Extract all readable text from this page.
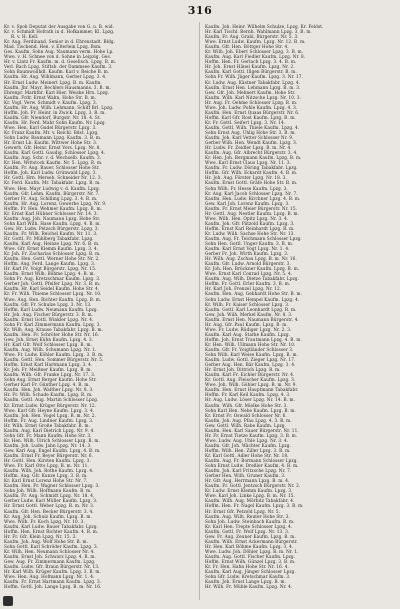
316
Kr. v. Spoh Deputat der Ausgabe von G. u. B. wid.
Kr. v. Schmidt Hofrath in d. Hofkammer, Kl. Lpzg.
R. v. H. Kell.
Kr. Aug. Ferdinand, Senior in d. Ehrenstadt. Bldg.
Mad. Tischend. Hen. v. Elterlein Lpzg. Bsm.
Ges. Kaufm. Sohn Aug. Naumann verm. Hohe Lp.
Wwe. v. H. Schnee von d. Sohne in Leipzig. Ges.
Hr. v. Lintz Fr. Kaufm. m. d. Gesellsch. Lpzg. B. m.
Verl. Bach Lpzg. Stiftsb. der Dammsee Kaufm. 3.
Sohn Baumwollhdl. Kaufm. Karl v. Reiche B. m.
Kaufm. Hr. Aug. Wihlmann, Gerber Lpzg. 3. 4.
Hr. Ernst Ludw. Meinert Lpzg. B. m. Kaufm.
Kaufm. Jhr. Mayr, Bechlers Hausmanns. 3. B. m.
Ehrenpr. Marktbr. Karl Hier. Weiske Hrn. Lpzg.
Kaufm. Frdr. Ernst Wahn, Hohe Str. B. m.
Kr. Vogl. Verw. Schmidt v. Kaufm. Lpzg. 3.
Kaufm. Hr. Aug. Wilh. Lehmann, Schiff Brl. Lpzg.
Hoffm. Joh. Fr. Heinr. in Zwick. Lpzg. 3. B. m.
Kaufm. Gfr. Niendorf, Burgstr. Nr. 18. 4. St.
Kaufm. Hr. Ferd. Mahr Sohn Kaufm. Nr. Lpzg.
Wwe. Hen. Karl Gudel Bürgerstr. Lpzg. 3.
Kr. Franz Kaufm. Mr. v. Reichl. Bdst. Lpzg.
Sohn Ludw. Baumann Lpzg. Kaufm. 3. B. m.
Hr. Ernst Lb. Kaufm. Wittwer Hohe Str. 3.
Gewerb. Gfr. Heinr. Ernst Vors. Lpzg. Nr. 8.
Kaufm. Karl Gottl. Gaudig, Schlosser Lpzg. 4.
Kaufm. Aug. Schr. v. d. Wechselb. Kaufm. 3.
Kr. Hen. Wittstock Kaufm. Nr. 5. Lpzg. B. m.
Kaufm. Fr. Aug. Bauer, Schlosser Hohe Str.
Hoffm. Joh. Karl Ludw. Grünwald Lpzg. 3.
Hr. Gottl. Hrn. Merseb. Schneider Nr. 12. 3.
Kr. Ferd. Kaufm. Mr. Tabakfabr. Lpzg. B. m.
Wwe. Hen. Mayr Ludwig v. d. Kaufm. Lpzg.
Kaufm. Gfr. Lehm. Kaufm. Bürgerstr. Nr. 7.
Gerber Fr. Aug. Schilling Lpzg. 3. 4. B. m.
Kaufm. Hr. Aug. Lorenz, Gewerbe Lpzg. Nr. 9.
Hoffm. Fr. Hen. Wehmer Kaufm. Lpzg. B. m.
Kr. Ernst Karl Hübner Schlosser Nr. 14. 3.
Kaufm. Aug. Joh. Naumann Lpzg. Hohe Str.
Sohn Karl Wilh. Hase Kaufm. Lpzg. 4. B. m.
Gew. Hr. Ludw. Petzsch Bürgerstr. Lpzg. 3.
Kaufm. Fr. Wilh. Reichel Kaufm. Nr. 11. 3.
Hr. Gottl. Fr. Mühlberg Tabakfabr. Lpzg.
Kaufm. Karl Aug. Heinze Lpzg. Nr. 6. B. m.
Wwe. Gfr. Ernst Klemm Kaufm. Lpzg. 3. 4.
Kr. Joh. Fr. Zacharias Schlosser Lpzg. B. m.
Kaufm. Hen. Gottl. Werner Hohe Str. Nr. 2.
Hoffm. Aug. Ferd. Lange Kaufm. Lpzg. 3.
Hr. Karl Fr. Voigt Bürgerstr. Lpzg. Nr. 15.
Kaufm. Ernst Wilh. Böhme Lpzg. 4. B. m.
Sohn Fr. Aug. Kretzschmar Kaufm. Lpzg. 3.
Gerber Joh. Gottl. Pfeifer Lpzg. Nr. 3. B. m.
Kaufm. Hr. Karl Seidel Kaufm. Hohe Str. 4.
Kr. Fr. Wilh. Thieme Schlosser Lpzg. Nr. 10.
Wwe. Aug. Hen. Richter Kaufm. Lpzg. B. m.
Kaufm. Gfr. Fr. Schulze Lpzg. 3. Nr. 13.
Hoffm. Karl Ludw. Neumann Kaufm. Lpzg.
Hr. Joh. Aug. Fischer Bürgerstr. 3. B. m.
Kaufm. Ernst Gottl. Winkler Lpzg. Nr. 4.
Sohn Fr. Karl Zimmermann Kaufm. Lpzg. 3.
Kr. Wilh. Aug. Krause Tabakfabr. Lpzg. B. m.
Kaufm. Hen. Fr. Schröter Hohe Str. Nr. 16.
Gew. Joh. Ernst Kühn Kaufm. Lpzg. 4. 3.
Hr. Karl Gfr. Wolf Schlosser Lpzg. B. m.
Kaufm. Aug. Wilh. Schumann Lpzg. Nr. 1.
Wwe. Fr. Ludw. Köhler Kaufm. Lpzg. 3. B. m.
Kaufm. Gottl. Hen. Sommer Bürgerstr. Nr. 5.
Hoffm. Ernst Karl Hartmann Lpzg. 3. 4.
Kr. Joh. Fr. Meißner Kaufm. Lpzg. B. m.
Kaufm. Wilh. Gfr. Franke Lpzg. Nr. 17. 3.
Sohn Aug. Ernst Berger Kaufm. Hohe Str.
Gerber Karl Fr. Günther Lpzg. 4. B. m.
Kaufm. Hen. Joh. Walther Lpzg. Nr. 8. 3.
Hr. Fr. Wilh. Schade Kaufm. Lpzg. B. m.
Kaufm. Gottl. Aug. Martin Schlosser Lpzg.
Kr. Ernst Ludw. Krüger Bürgerstr. Nr. 12.
Wwe. Karl Gfr. Heyne Kaufm. Lpzg. 3. 4.
Kaufm. Joh. Hen. Vogel Lpzg. B. m. Nr. 2.
Hoffm. Fr. Aug. Lindner Kaufm. Lpzg. 3.
Hr. Wilh. Ernst Große Tabakfabr. B. m.
Kaufm. Aug. Karl Dietrich Lpzg. Nr. 9. 4.
Sohn Gfr. Fr. Mann Kaufm. Hohe Str. 3.
Kr. Hen. Wilh. Ulrich Schlosser Lpzg. B. m.
Kaufm. Joh. Ludw. Jahn Lpzg. Nr. 14. 3.
Gew. Karl Aug. Engel Kaufm. Lpzg. 4. B. m.
Kaufm. Ernst Fr. Beyer Bürgerstr. Nr. 6.
Hr. Gottl. Hen. Kirsten Kaufm. Lpzg. 3.
Wwe. Fr. Karl Otto Lpzg. B. m. Nr. 11.
Kaufm. Wilh. Joh. Rothe Kaufm. Lpzg. 4.
Hoffm. Aug. Gfr. Kunze Lpzg. 3. B. m.
Kr. Karl Ernst Lorenz Hohe Str. Nr. 7.
Kaufm. Hen. Fr. Wagner Schlosser Lpzg. 3.
Sohn Joh. Wilh. Hoffmann Kaufm. B. m.
Kaufm. Fr. Aug. Schmidt Lpzg. Nr. 18. 4.
Gerber Ludw. Karl Müller Kaufm. Lpzg. 3.
Hr. Ernst Gottl. Weber Lpzg. B. m. Nr. 3.
Kaufm. Gfr. Hen. Becker Bürgerstr. 3. 4.
Kr. Aug. Joh. Schulz Kaufm. Lpzg. B. m.
Wwe. Wilh. Fr. Koch Lpzg. Nr. 10. 3.
Kaufm. Karl Ludw. Bauer Tabakfabr. Lpzg.
Hoffm. Hen. Ernst Richter Kaufm. 4. B. m.
Hr. Fr. Gfr. Klein Lpzg. Nr. 15. 3.
Kaufm. Joh. Aug. Wolf Hohe Str. B. m.
Sohn Gottl. Karl Schröder Kaufm. Lpzg. 3.
Kr. Wilh. Hen. Neumann Schlosser Nr. 4.
Kaufm. Ernst Joh. Schwarz Lpzg. 4. B. m.
Gew. Aug. Fr. Zimmermann Kaufm. Lpzg.
Kaufm. Ludw. Gfr. Braun Bürgerstr. Nr. 13.
Hr. Karl Wilh. Krüger Kaufm. Lpzg. 3. B. m.
Wwe. Hen. Aug. Hofmann Lpzg. Nr. 1. 4.
Kaufm. Fr. Ernst Hartmann Kaufm. Lpzg. 3.
Hoffm. Gottl. Joh. Lange Lpzg. B. m. Nr. 16.
Kaufm. Joh. Heinr. Wilhelm Schulze, Lpzg. Kr. Feldst.
Hr. Karl Tischl. Bernh. Wahlmann Lpzg. 3. B. m.
Kaufm. Fr. Aug. Grahl, Bürgerstr. Nr. 5. 3.
Wwe. Ernst Ludw. Kaufm. Lpzg. Nr. 12. B. m.
Kaufm. Gfr. Hen. Böttger Hohe Str. 4.
Kr. Wilh. Joh. Ebert Schlosser Lpzg. 3. B. m.
Kaufm. Aug. Karl Fiedler Kaufm. Lpzg. Nr. 8.
Hoffm. Hen. Fr. Gerlach Lpzg. 3. 4. B. m.
Hr. Joh. Ernst Hänel Kaufm. Lpzg. Nr. 2.
Kaufm. Karl Gottl. Illgen Bürgerstr. B. m.
Sohn Fr. Wilh. Jäger Kaufm. Lpzg. 3. Nr. 17.
Kr. Ludw. Aug. Kästner Tabakfabr. Lpzg. 4.
Kaufm. Ernst Hen. Lehmann Lpzg. B. m. 3.
Gew. Gfr. Joh. Mehnert Kaufm. Hohe Str.
Kaufm. Wilh. Karl Nitzsche Lpzg. Nr. 10. 3.
Hr. Aug. Fr. Oehme Schlosser Lpzg. B. m.
Wwe. Joh. Ludw. Pohle Kaufm. Lpzg. 4. 3.
Kaufm. Hen. Ernst Quaas Bürgerstr. Nr. 6.
Hoffm. Karl Gfr. Rost Kaufm. Lpzg. B. m.
Kr. Fr. Gottl. Seifert Lpzg. 3. Nr. 14.
Kaufm. Gottl. Wilh. Thiele Kaufm. Lpzg. 4.
Sohn Ernst Aug. Uhlig Hohe Str. 3. B. m.
Kaufm. Joh. Karl Vetter Schlosser Nr. 9.
Gerber Wilh. Hen. Wendt Kaufm. Lpzg. 3.
Hr. Ludw. Fr. Zeidler Lpzg. B. m. Nr. 4.
Kaufm. Aug. Gfr. Albrecht Bürgerstr. 3. 4.
Kr. Hen. Joh. Bergmann Kaufm. Lpzg. B. m.
Wwe. Karl Ernst Claus Lpzg. Nr. 11. 3.
Kaufm. Fr. Ludw. Döring Tabakfabr. Lpzg.
Hoffm. Gfr. Wilh. Eckardt Kaufm. 4. B. m.
Hr. Joh. Aug. Förster Lpzg. Nr. 18. 3.
Kaufm. Ernst Gottl. Gräfe Hohe Str. B. m.
Sohn Wilh. Fr. Hesse Kaufm. Lpzg. 3.
Kr. Aug. Karl Jacob Schlosser Lpzg. Nr. 7.
Kaufm. Hen. Ludw. Kirchner Lpzg. 4. B. m.
Gew. Karl Joh. Lorenz Kaufm. Lpzg. 3.
Kaufm. Fr. Ernst Meier Bürgerstr. Nr. 15.
Hr. Gottl. Aug. Nestler Kaufm. Lpzg. B. m.
Wwe. Wilh. Hen. Opitz Lpzg. Nr. 3. 4.
Kaufm. Joh. Gfr. Pätzold Kaufm. Lpzg. 3.
Hoffm. Ernst Karl Reinhardt Lpzg. B. m.
Kr. Ludw. Wilh. Sachse Hohe Str. Nr. 13.
Kaufm. Aug. Fr. Teichmann Schlosser Lpzg.
Sohn Hen. Gottl. Unger Kaufm. 3. B. m.
Kaufm. Karl Ernst Vogt Lpzg. Nr. 1. 4.
Gerber Fr. Joh. Wirth Kaufm. Lpzg. 3.
Hr. Wilh. Aug. Zschau Lpzg. B. m. Nr. 16.
Kaufm. Gfr. Ludw. Arnold Bürgerstr. 3.
Kr. Joh. Hen. Brückner Kaufm. Lpzg. B. m.
Wwe. Ernst Karl Conrad Lpzg. Nr. 5. 4.
Kaufm. Aug. Wilh. Dietze Tabakfabr. Lpzg.
Hoffm. Fr. Gottl. Erler Kaufm. 3. B. m.
Hr. Karl Joh. Frenzel Lpzg. Nr. 12.
Kaufm. Hen. Aug. Gebhardt Hohe Str. B. m.
Sohn Ludw. Ernst Hempel Kaufm. Lpzg. 4.
Kr. Wilh. Fr. Kaiser Schlosser Lpzg. 3.
Kaufm. Gottl. Karl Leonhardt Lpzg. B. m.
Gew. Joh. Wilh. Merkel Kaufm. Nr. 8. 3.
Kaufm. Ernst Hen. Naumann Bürgerstr. 4.
Hr. Aug. Gfr. Paul Kaufm. Lpzg. B. m.
Wwe. Fr. Ludw. Rüdiger Lpzg. Nr. 2. 3.
Kaufm. Karl Aug. Starke Kaufm. Lpzg.
Hoffm. Joh. Ernst Trautmann Lpzg. 4. B. m.
Kr. Hen. Wilh. Ullmann Hohe Str. Nr. 10.
Kaufm. Gfr. Fr. Voigtländer Schlosser 3.
Sohn Wilh. Karl Weise Kaufm. Lpzg. B. m.
Kaufm. Ludw. Gottl. Zieger Lpzg. Nr. 17.
Gerber Aug. Hen. Bär Kaufm. Lpzg. 3. 4.
Hr. Ernst Joh. Dittrich Lpzg. B. m.
Kaufm. Karl Fr. Eichler Bürgerstr. Nr. 4.
Kr. Gottl. Aug. Fleischer Kaufm. Lpzg. 3.
Wwe. Joh. Wilh. Göhler Lpzg. B. m. Nr. 9.
Kaufm. Hen. Ernst Hauptmann Tabakfabr.
Hoffm. Fr. Karl Keil Kaufm. Lpzg. 4. 3.
Hr. Aug. Ludw. Löser Lpzg. Nr. 14. B. m.
Kaufm. Wilh. Gfr. Mielke Hohe Str. 3.
Sohn Karl Hen. Nebe Kaufm. Lpzg. B. m.
Kr. Ernst Fr. Oswald Schlosser Nr. 6.
Kaufm. Joh. Aug. Pfau Lpzg. 4. 3. B. m.
Gew. Gottl. Wilh. Rabe Kaufm. Lpzg.
Kaufm. Hen. Karl Sauer Bürgerstr. Nr. 11.
Hr. Fr. Ernst Tietze Kaufm. Lpzg. 3. B. m.
Wwe. Ludw. Aug. Uhle Lpzg. Nr. 3. 4.
Kaufm. Gfr. Joh. Wächter Kaufm. Lpzg.
Hoffm. Wilh. Hen. Ziller Lpzg. 3. B. m.
Kr. Karl Gottl. Adler Hohe Str. Nr. 18.
Kaufm. Aug. Fr. Bormann Schlosser Lpzg.
Sohn Ernst Ludw. Dreßler Kaufm. 4. B. m.
Kaufm. Joh. Karl Fritzsche Lpzg. Nr. 7.
Gerber Hen. Wilh. Gruner Kaufm. 3.
Hr. Gfr. Aug. Herrmann Lpzg. B. m. 4.
Kaufm. Fr. Gottl. Jentzsch Bürgerstr. Nr. 2.
Kr. Ludw. Ernst Klemm Kaufm. Lpzg. 3.
Wwe. Karl Joh. Linke Lpzg. B. m. Nr. 15.
Kaufm. Wilh. Aug. Mörbitz Tabakfabr. 4.
Hoffm. Hen. Fr. Nagel Kaufm. Lpzg. 3. B. m.
Hr. Ernst Gfr. Petzold Lpzg. Nr. 5.
Kaufm. Aug. Wilh. Reuter Hohe Str. 3.
Sohn Joh. Ludw. Steinbach Kaufm. B. m.
Kr. Karl Hen. Trepte Schlosser Lpzg. 4.
Kaufm. Gottl. Fr. Wolf Lpzg. Nr. 13. 3.
Gew. Fr. Aug. Zeuner Kaufm. Lpzg. B. m.
Kaufm. Wilh. Ernst Ackermann Bürgerstr.
Hr. Hen. Karl Böhme Kaufm. Lpzg. 3. 4.
Wwe. Ludw. Joh. Döhler Lpzg. B. m. Nr. 1.
Kaufm. Aug. Gottl. Fischer Kaufm. Lpzg.
Hoffm. Ernst Wilh. Günzel Lpzg. 3. B. m.
Kr. Fr. Hen. Hahn Hohe Str. Nr. 16. 4.
Kaufm. Karl Aug. Jünger Schlosser Lpzg.
Sohn Gfr. Ludw. Kretschmar Kaufm. 3.
Kaufm. Joh. Ernst Lange Lpzg. B. m.
Hr. Wilh. Fr. Mühle Kaufm. Lpzg. Nr. 4.
